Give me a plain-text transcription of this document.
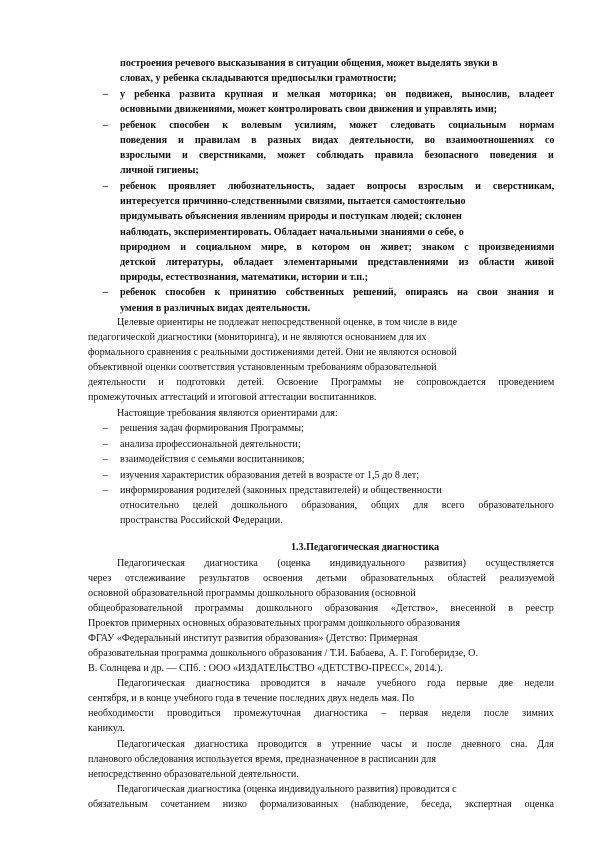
построения речевого высказывания в ситуации общения, может выделять звуки в
словах, у ребенка складываются предпосылки грамотности;
–	у ребенка развита крупная и мелкая моторика; он подвижен, вынослив, владеет
основными движениями, может контролировать свои движения и управлять ими;
–	ребенок способен к волевым усилиям, может следовать социальным нормам
поведения и правилам в разных видах деятельности, во взаимоотношениях со
взрослыми и сверстниками, может соблюдать правила безопасного поведения и
личной гигиены;
–	ребенок проявляет любознательность, задает вопросы взрослым и сверстникам,
интересуется причинно-следственными связями, пытается самостоятельно
придумывать объяснения явлениям природы и поступкам людей; склонен
наблюдать, экспериментировать. Обладает начальными знаниями о себе, о
природном и социальном мире, в котором он живет; знаком с произведениями
детской литературы, обладает элементарными представлениями из области живой
природы, естествознания, математики, истории и т.п.;
–	ребенок способен к принятию собственных решений, опираясь на свои знания и
умения в различных видах деятельности.
Целевые ориентиры не подлежат непосредственной оценке, в том числе в виде
педагогической диагностики (мониторинга), и не являются основанием для их
формального сравнения с реальными достижениями детей. Они не являются основой
объективной оценки соответствия установленным требованиям образовательной
деятельности и подготовки детей. Освоение Программы не сопровождается проведением
промежуточных аттестаций и итоговой аттестации воспитанников.
Настоящие требования являются ориентирами для:
–	решения задач формирования Программы;
–	анализа профессиональной деятельности;
–	взаимодействия с семьями воспитанников;
–	изучения характеристик образования детей в возрасте от 1,5 до 8 лет;
–	информирования родителей (законных представителей) и общественности
относительно целей дошкольного образования, общих для всего образовательного
пространства Российской Федерации.
1.3.Педагогическая диагностика
Педагогическая диагностика (оценка индивидуального развития) осуществляется
через отслеживание результатов освоения детьми образовательных областей реализуемой
основной образовательной программы дошкольного образования (основной
общеобразовательной программы дошкольного образования «Детство», внесенной в реестр
Проектов примерных основных образовательных программ дошкольного образования
ФГАУ «Федеральный институт развития образования» (Детство: Примерная
образовательная программа дошкольного образования / Т.И. Бабаева, А. Г. Гогоберидзе, О.
В. Солнцева и др. — СПб. : ООО «ИЗДАТЕЛЬСТВО «ДЕТСТВО-ПРЕСС», 2014.).
Педагогическая диагностика проводится в начале учебного года первые две недели
сентября, и в конце учебного года в течение последних двух недель мая. По
необходимости проводиться промежуточная диагностика – первая неделя после зимних
каникул.
Педагогическая диагностика проводится в утренние часы и после дневного сна. Для
планового обследования используется время, предназначенное в расписании для
непосредственно образовательной деятельности.
Педагогическая диагностика (оценка индивидуального развития) проводится с
обязательным сочетанием низко формализованных (наблюдение, беседа, экспертная оценка
